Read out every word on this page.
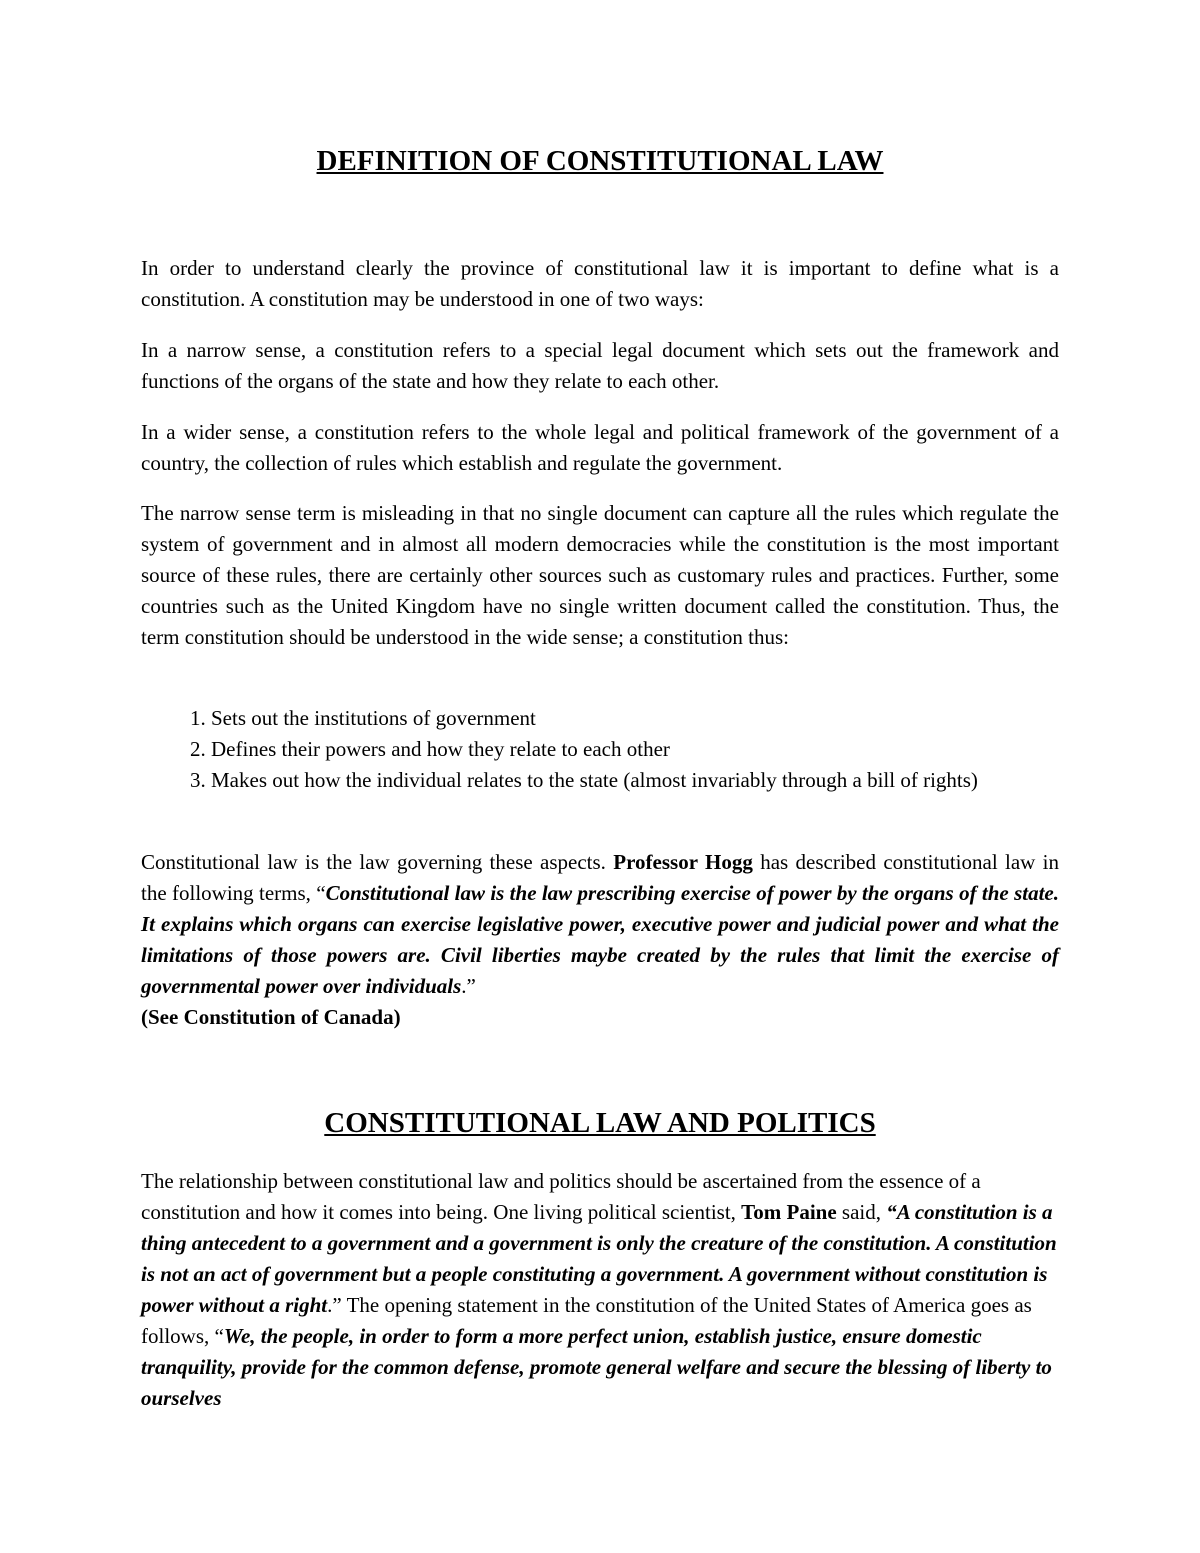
DEFINITION OF CONSTITUTIONAL LAW

In order to understand clearly the province of constitutional law it is important to define what is a constitution. A constitution may be understood in one of two ways:

In a narrow sense, a constitution refers to a special legal document which sets out the framework and functions of the organs of the state and how they relate to each other.

In a wider sense, a constitution refers to the whole legal and political framework of the government of a country, the collection of rules which establish and regulate the government.

The narrow sense term is misleading in that no single document can capture all the rules which regulate the system of government and in almost all modern democracies while the constitution is the most important source of these rules, there are certainly other sources such as customary rules and practices. Further, some countries such as the United Kingdom have no single written document called the constitution. Thus, the term constitution should be understood in the wide sense; a constitution thus:

1. Sets out the institutions of government
2. Defines their powers and how they relate to each other
3. Makes out how the individual relates to the state (almost invariably through a bill of rights)

Constitutional law is the law governing these aspects. Professor Hogg has described constitutional law in the following terms, “Constitutional law is the law prescribing exercise of power by the organs of the state. It explains which organs can exercise legislative power, executive power and judicial power and what the limitations of those powers are. Civil liberties maybe created by the rules that limit the exercise of governmental power over individuals.”
(See Constitution of Canada)

CONSTITUTIONAL LAW AND POLITICS

The relationship between constitutional law and politics should be ascertained from the essence of a constitution and how it comes into being. One living political scientist, Tom Paine said, “A constitution is a thing antecedent to a government and a government is only the creature of the constitution. A constitution is not an act of government but a people constituting a government. A government without constitution is power without a right.” The opening statement in the constitution of the United States of America goes as follows, “We, the people, in order to form a more perfect union, establish justice, ensure domestic tranquility, provide for the common defense, promote general welfare and secure the blessing of liberty to ourselves
